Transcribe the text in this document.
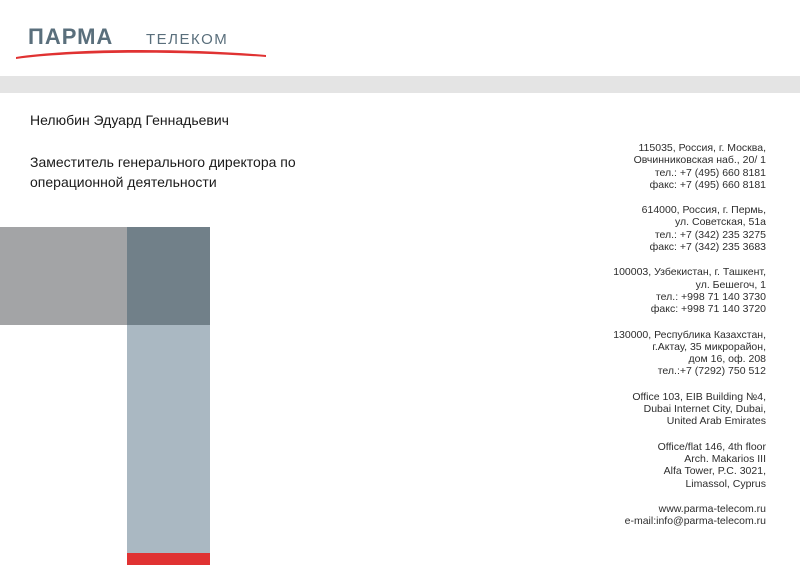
ПАРМА ТЕЛЕКОМ
Нелюбин Эдуард Геннадьевич
Заместитель генерального директора по
операционной деятельности
115035, Россия, г. Москва,
Овчинниковская наб., 20/ 1
тел.: +7 (495) 660 8181
факс: +7 (495) 660 8181
614000, Россия, г. Пермь,
ул. Советская, 51а
тел.: +7 (342) 235 3275
факс: +7 (342) 235 3683
100003, Узбекистан, г. Ташкент,
ул. Бешегоч, 1
тел.: +998 71 140 3730
факс: +998 71 140 3720
130000, Республика Казахстан,
г.Актау, 35 микрорайон,
дом 16, оф. 208
тел.:+7 (7292) 750 512
Office 103, EIB Building №4,
Dubai Internet City, Dubai,
United Arab Emirates
Office/flat 146, 4th floor
Arch. Makarios III
Alfa Tower, P.C. 3021,
Limassol, Cyprus
www.parma-telecom.ru
e-mail:info@parma-telecom.ru
